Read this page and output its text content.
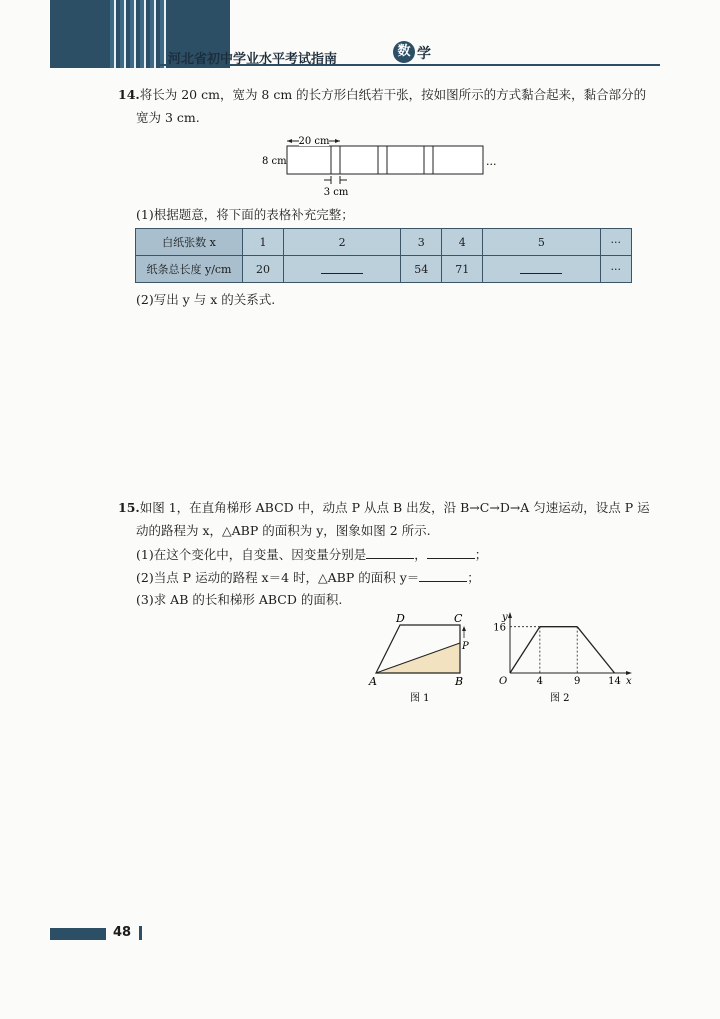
河北省初中学业水平考试指南
数 学
14.将长为 20 cm，宽为 8 cm 的长方形白纸若干张，按如图所示的方式黏合起来，黏合部分的
宽为 3 cm.
20 cm
8 cm
3 cm
...
(1)根据题意，将下面的表格补充完整；
白纸张数 x	1	2	3	4	5	···
纸条总长度 y/cm	20		54	71		···
(2)写出 y 与 x 的关系式.
15.如图 1，在直角梯形 ABCD 中，动点 P 从点 B 出发，沿 B→C→D→A 匀速运动，设点 P 运
动的路程为 x，△ABP 的面积为 y，图象如图 2 所示.
(1)在这个变化中，自变量、因变量分别是	，	；
(2)当点 P 运动的路程 x＝4 时，△ABP 的面积 y＝	；
(3)求 AB 的长和梯形 ABCD 的面积.
D	C
A	B
P
图 1
y
x
O	4	9	14
16
图 2
48
